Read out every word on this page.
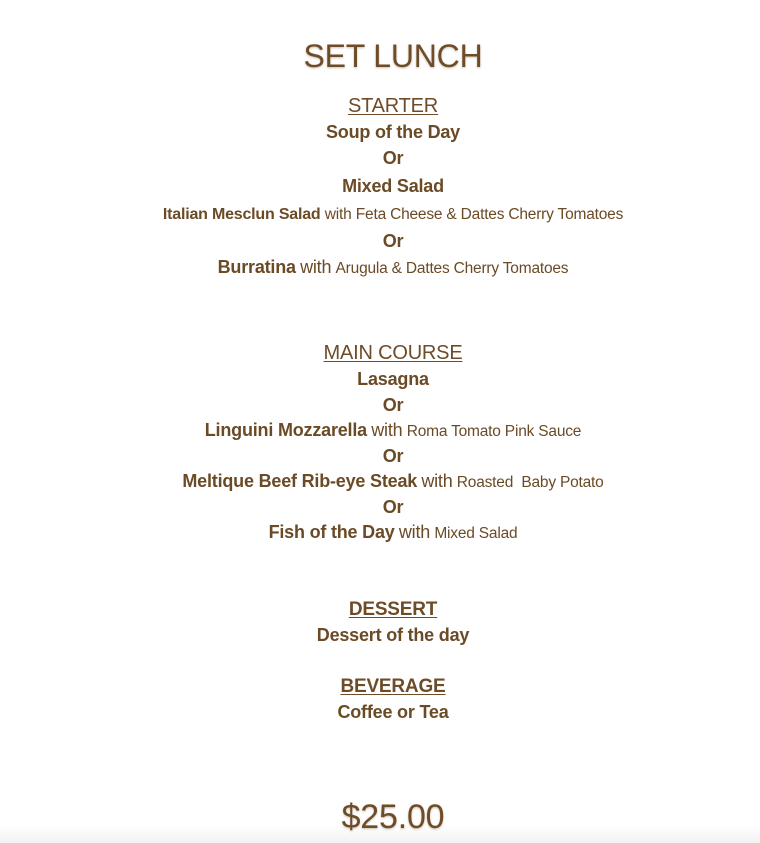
SET LUNCH
STARTER
Soup of the Day
Or
Mixed Salad
Italian Mesclun Salad with Feta Cheese & Dattes Cherry Tomatoes
Or
Burratina with Arugula & Dattes Cherry Tomatoes
MAIN COURSE
Lasagna
Or
Linguini Mozzarella with Roma Tomato Pink Sauce
Or
Meltique Beef Rib-eye Steak with Roasted  Baby Potato
Or
Fish of the Day with Mixed Salad
DESSERT
Dessert of the day
BEVERAGE
Coffee or Tea
$25.00
